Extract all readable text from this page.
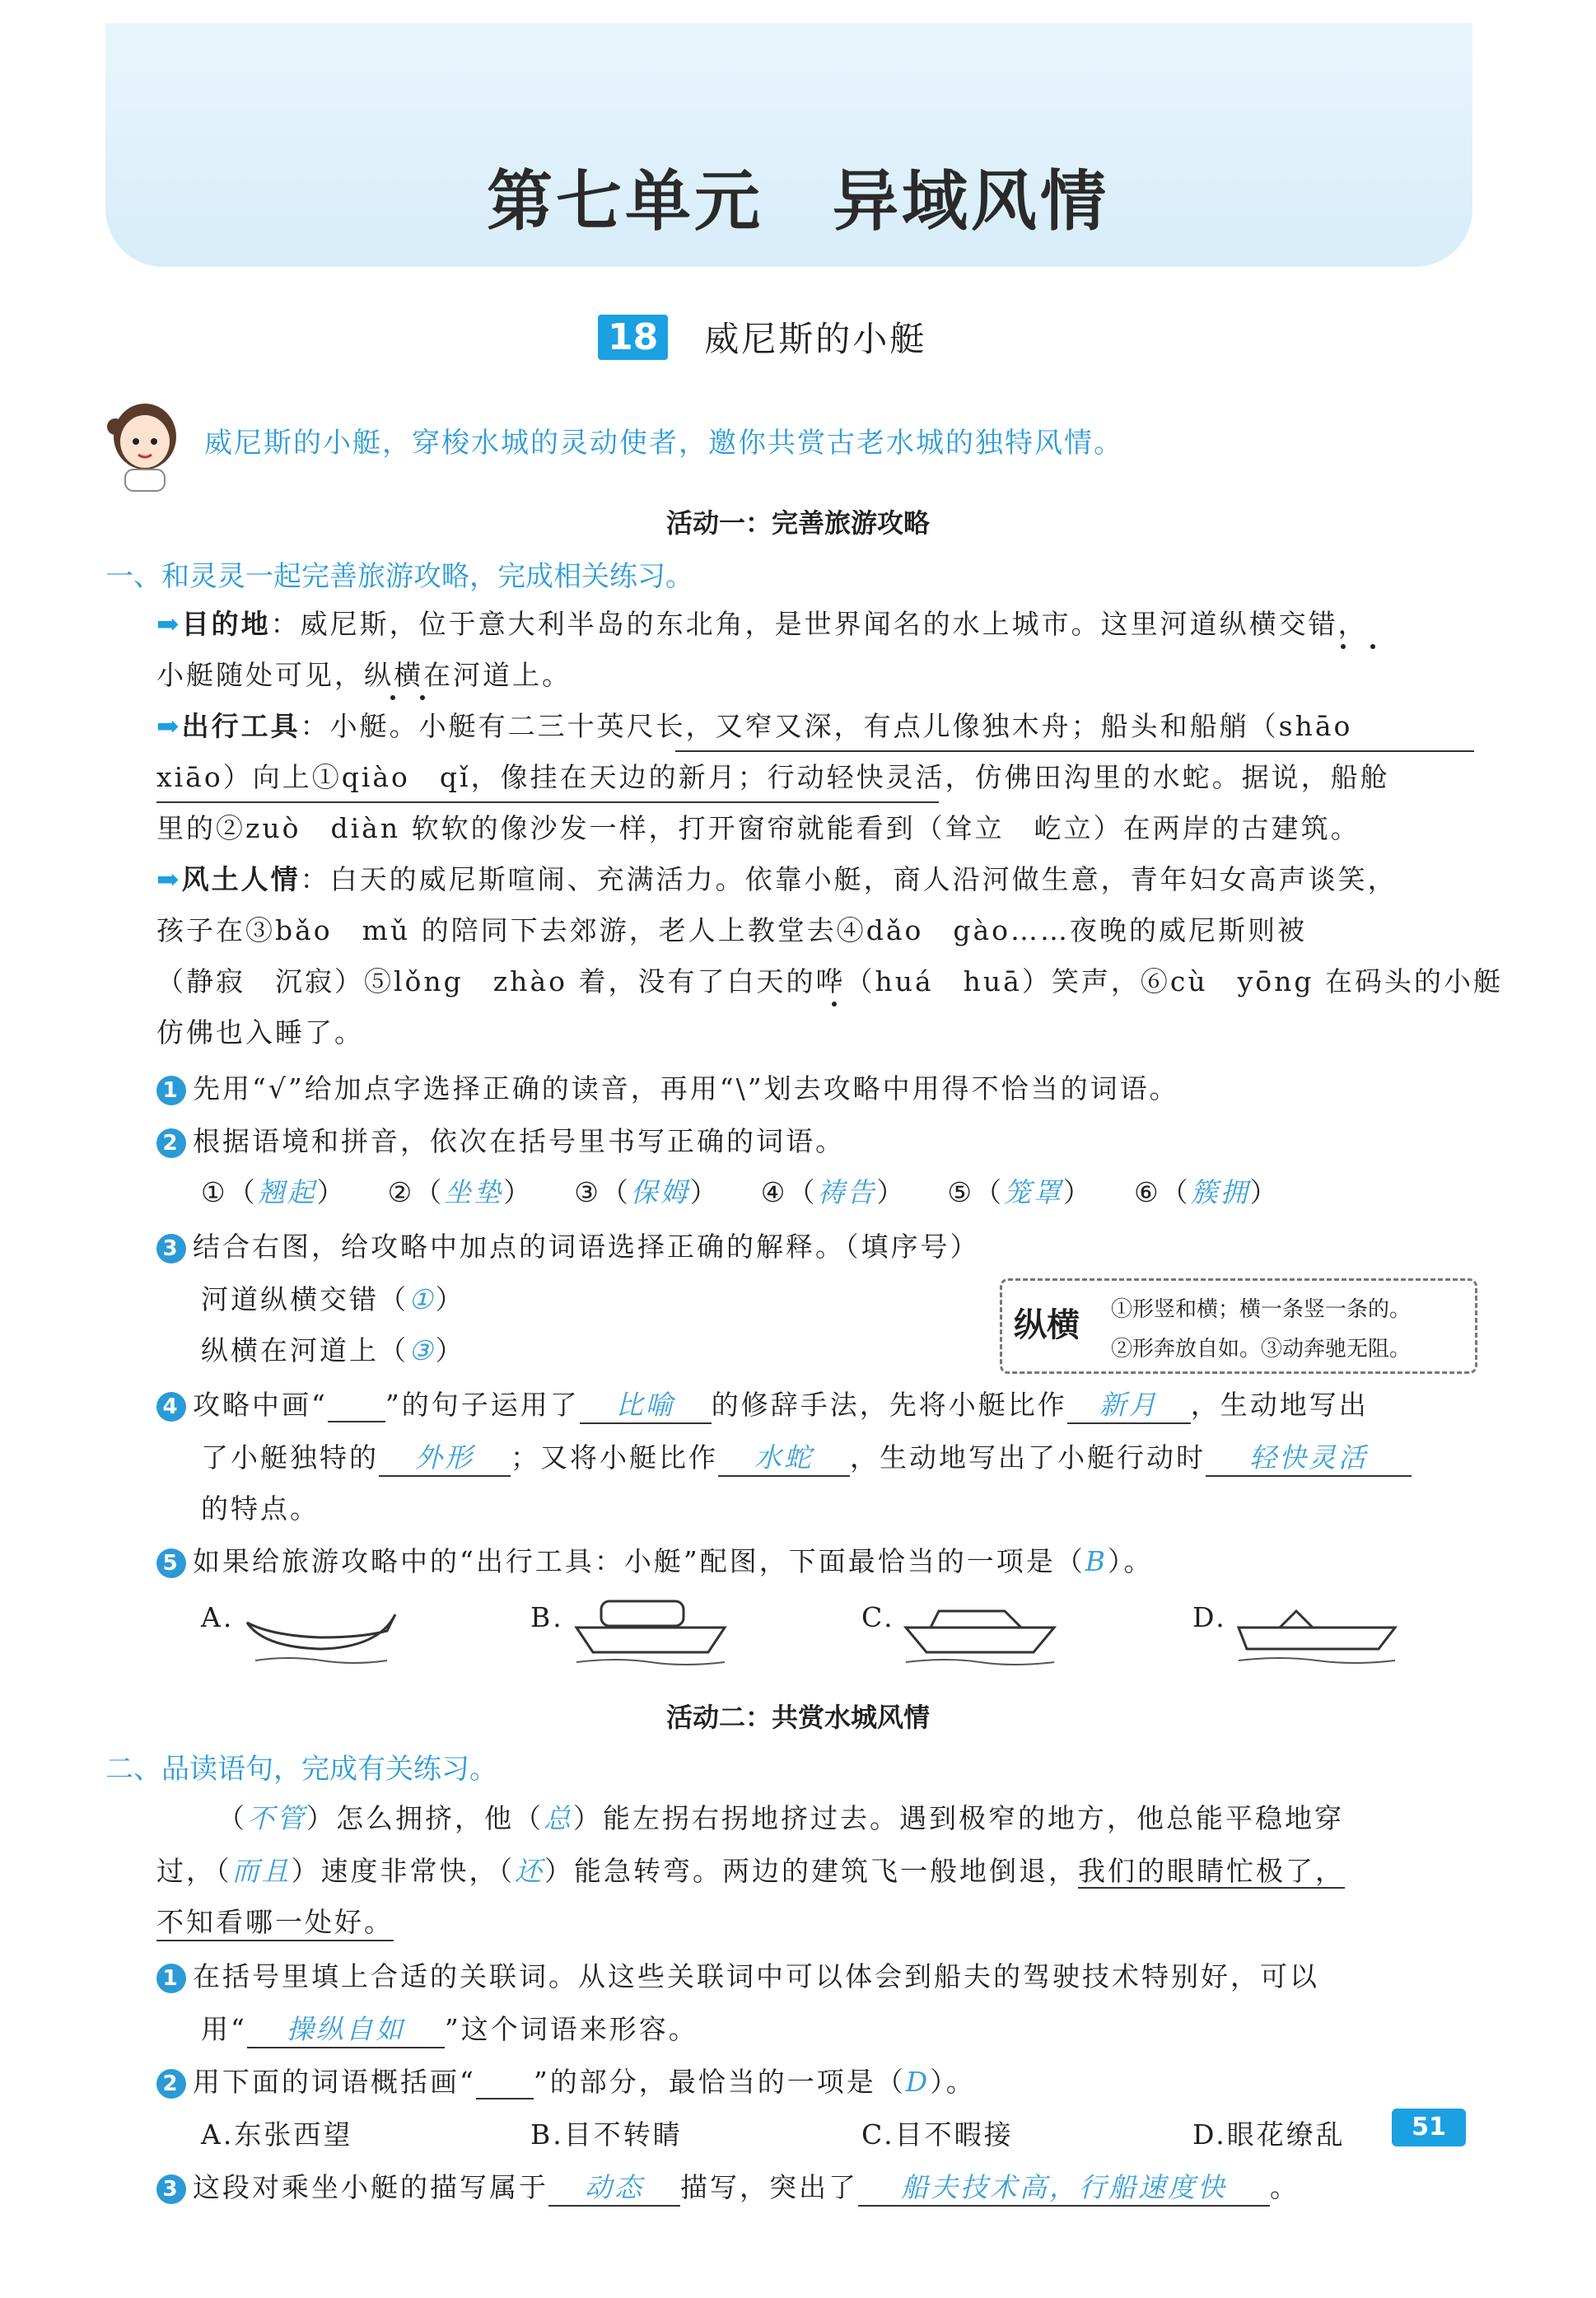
第七单元　异域风情
18 威尼斯的小艇
威尼斯的小艇，穿梭水城的灵动使者，邀你共赏古老水城的独特风情。
活动一：完善旅游攻略
一、和灵灵一起完善旅游攻略，完成相关练习。
➡目的地：威尼斯，位于意大利半岛的东北角，是世界闻名的水上城市。这里河道纵横交错，
小艇随处可见，纵横在河道上。
➡出行工具：小艇。小艇有二三十英尺长，又窄又深，有点儿像独木舟；船头和船艄（shāo
xiāo）向上①qiào　qǐ，像挂在天边的新月；行动轻快灵活，仿佛田沟里的水蛇。据说，船舱
里的②zuò　diàn 软软的像沙发一样，打开窗帘就能看到（耸立　屹立）在两岸的古建筑。
➡风土人情：白天的威尼斯喧闹、充满活力。依靠小艇，商人沿河做生意，青年妇女高声谈笑，
孩子在③bǎo　mǔ 的陪同下去郊游，老人上教堂去④dǎo　gào……夜晚的威尼斯则被
（静寂　沉寂）⑤lǒng　zhào 着，没有了白天的哗（huá　huā）笑声，⑥cù　yōng 在码头的小艇
仿佛也入睡了。
1 先用“√”给加点字选择正确的读音，再用“\”划去攻略中用得不恰当的词语。
2 根据语境和拼音，依次在括号里书写正确的词语。
①（翘起） ②（坐垫） ③（保姆） ④（祷告） ⑤（笼罩） ⑥（簇拥）
3 结合右图，给攻略中加点的词语选择正确的解释。（填序号）
河道纵横交错（①）
纵横在河道上（③）
纵横 ①形竖和横；横一条竖一条的。
②形奔放自如。③动奔驰无阻。
4 攻略中画“ ”的句子运用了 比喻 的修辞手法，先将小艇比作 新月 ，生动地写出
了小艇独特的 外形 ；又将小艇比作 水蛇 ，生动地写出了小艇行动时 轻快灵活
的特点。
5 如果给旅游攻略中的“出行工具：小艇”配图，下面最恰当的一项是（B）。
A.	B.	C.	D.
活动二：共赏水城风情
二、品读语句，完成有关练习。
（不管）怎么拥挤，他（总）能左拐右拐地挤过去。遇到极窄的地方，他总能平稳地穿
过，（而且）速度非常快，（还）能急转弯。两边的建筑飞一般地倒退，我们的眼睛忙极了，
不知看哪一处好。
1 在括号里填上合适的关联词。从这些关联词中可以体会到船夫的驾驶技术特别好，可以
用“ 操纵自如 ”这个词语来形容。
2 用下面的词语概括画“ ”的部分，最恰当的一项是（D）。
A.东张西望	B.目不转睛	C.目不暇接	D.眼花缭乱
3 这段对乘坐小艇的描写属于 动态 描写，突出了 船夫技术高，行船速度快 。
51
